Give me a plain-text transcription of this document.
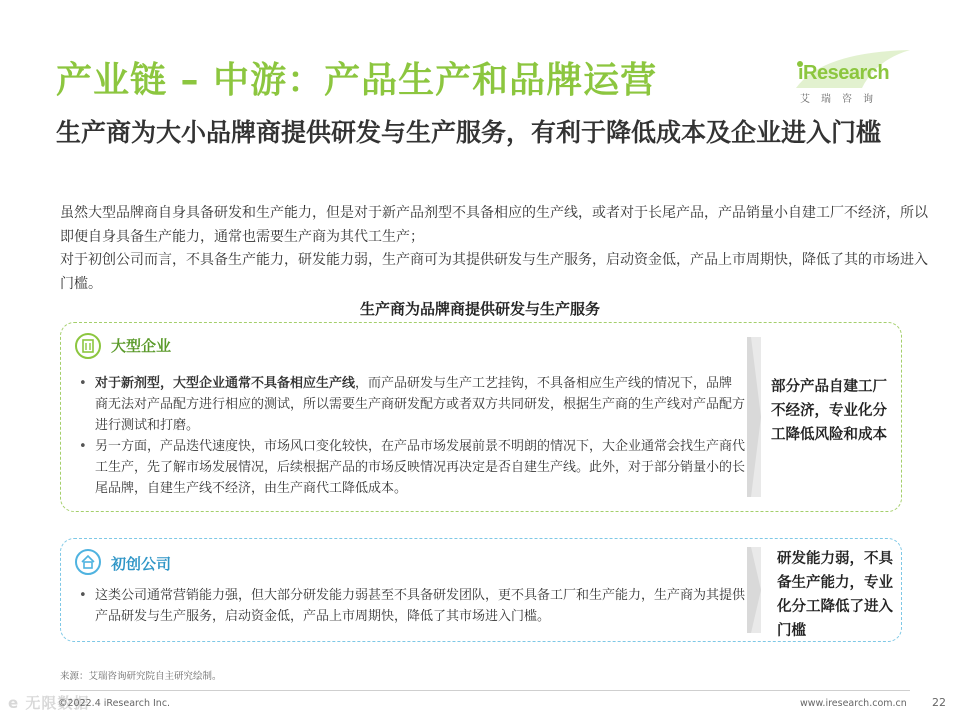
产业链 – 中游：产品生产和品牌运营	iResearch
艾瑞咨询
生产商为大小品牌商提供研发与生产服务，有利于降低成本及企业进入门槛

虽然大型品牌商自身具备研发和生产能力，但是对于新产品剂型不具备相应的生产线，或者对于长尾产品，产品销量小自建工厂不经济，所以即便自身具备生产能力，通常也需要生产商为其代工生产；

对于初创公司而言，不具备生产能力，研发能力弱，生产商可为其提供研发与生产服务，启动资金低，产品上市周期快，降低了其的市场进入门槛。

生产商为品牌商提供研发与生产服务
大型企业
• 对于新剂型，大型企业通常不具备相应生产线，而产品研发与生产工艺挂钩，不具备相应生产线的情况下，品牌商无法对产品配方进行相应的测试，所以需要生产商研发配方或者双方共同研发，根据生产商的生产线对产品配方进行测试和打磨。
• 另一方面，产品迭代速度快，市场风口变化较快，在产品市场发展前景不明朗的情况下，大企业通常会找生产商代工生产，先了解市场发展情况，后续根据产品的市场反映情况再决定是否自建生产线。此外，对于部分销量小的长尾品牌，自建生产线不经济，由生产商代工降低成本。
部分产品自建工厂不经济，专业化分工降低风险和成本
初创公司
• 这类公司通常营销能力强，但大部分研发能力弱甚至不具备研发团队，更不具备工厂和生产能力，生产商为其提供产品研发与生产服务，启动资金低，产品上市周期快，降低了其市场进入门槛。
研发能力弱，不具备生产能力，专业化分工降低了进入门槛
来源：艾瑞咨询研究院自主研究绘制。
e 无限数据
©2022.4 iResearch Inc.	www.iresearch.com.cn 22
